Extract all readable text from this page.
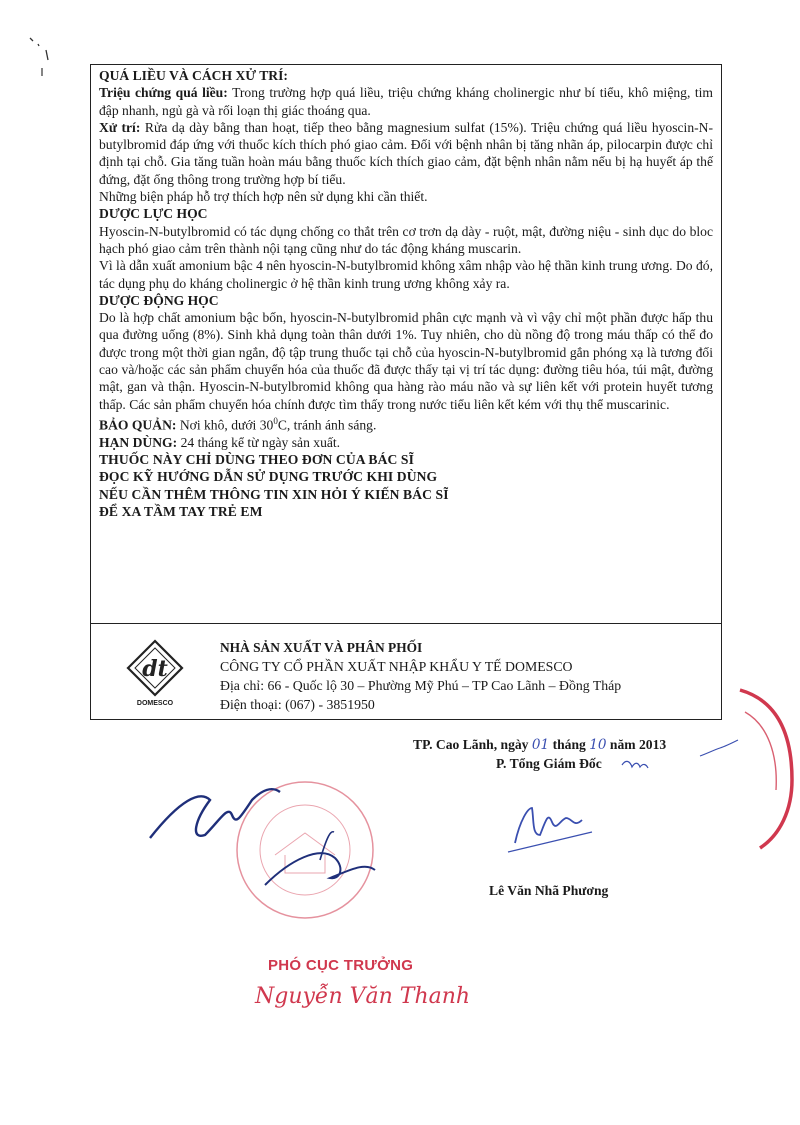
QUÁ LIỀU VÀ CÁCH XỬ TRÍ:

Triệu chứng quá liều: Trong trường hợp quá liều, triệu chứng kháng cholinergic như bí tiểu, khô miệng, tim đập nhanh, ngủ gà và rối loạn thị giác thoáng qua.

Xử trí: Rửa dạ dày bằng than hoạt, tiếp theo bằng magnesium sulfat (15%). Triệu chứng quá liều hyoscin-N-butylbromid đáp ứng với thuốc kích thích phó giao cảm. Đối với bệnh nhân bị tăng nhãn áp, pilocarpin được chỉ định tại chỗ. Gia tăng tuần hoàn máu bằng thuốc kích thích giao cảm, đặt bệnh nhân nằm nếu bị hạ huyết áp thế đứng, đặt ống thông trong trường hợp bí tiểu.

Những biện pháp hỗ trợ thích hợp nên sử dụng khi cần thiết.

DƯỢC LỰC HỌC

Hyoscin-N-butylbromid có tác dụng chống co thắt trên cơ trơn dạ dày - ruột, mật, đường niệu - sinh dục do bloc hạch phó giao cảm trên thành nội tạng cũng như do tác động kháng muscarin.

Vì là dẫn xuất amonium bậc 4 nên hyoscin-N-butylbromid không xâm nhập vào hệ thần kinh trung ương. Do đó, tác dụng phụ do kháng cholinergic ở hệ thần kinh trung ương không xảy ra.

DƯỢC ĐỘNG HỌC

Do là hợp chất amonium bậc bốn, hyoscin-N-butylbromid phân cực mạnh và vì vậy chỉ một phần được hấp thu qua đường uống (8%). Sinh khả dụng toàn thân dưới 1%. Tuy nhiên, cho dù nồng độ trong máu thấp có thể đo được trong một thời gian ngắn, độ tập trung thuốc tại chỗ của hyoscin-N-butylbromid gắn phóng xạ là tương đối cao và/hoặc các sản phẩm chuyển hóa của thuốc đã được thấy tại vị trí tác dụng: đường tiêu hóa, túi mật, đường mật, gan và thận. Hyoscin-N-butylbromid không qua hàng rào máu não và sự liên kết với protein huyết tương thấp. Các sản phẩm chuyển hóa chính được tìm thấy trong nước tiểu liên kết kém với thụ thể muscarinic.

BẢO QUẢN: Nơi khô, dưới $30^0C$, tránh ánh sáng.

HẠN DÙNG: 24 tháng kể từ ngày sản xuất.

THUỐC NÀY CHỈ DÙNG THEO ĐƠN CỦA BÁC SĨ

ĐỌC KỸ HƯỚNG DẪN SỬ DỤNG TRƯỚC KHI DÙNG

NẾU CẦN THÊM THÔNG TIN XIN HỎI Ý KIẾN BÁC SĨ

ĐỂ XA TẦM TAY TRẺ EM

dt
DOMESCO
NHÀ SẢN XUẤT VÀ PHÂN PHỐI
CÔNG TY CỔ PHẦN XUẤT NHẬP KHẨU Y TẾ DOMESCO
Địa chỉ: 66 - Quốc lộ 30 – Phường Mỹ Phú – TP Cao Lãnh – Đồng Tháp
Điện thoại: (067) - 3851950
TP. Cao Lãnh, ngày 01 tháng 10 năm 2013
P. Tổng Giám Đốc
Lê Văn Nhã Phương
PHÓ CỤC TRƯỞNG
Nguyễn Văn Thanh
